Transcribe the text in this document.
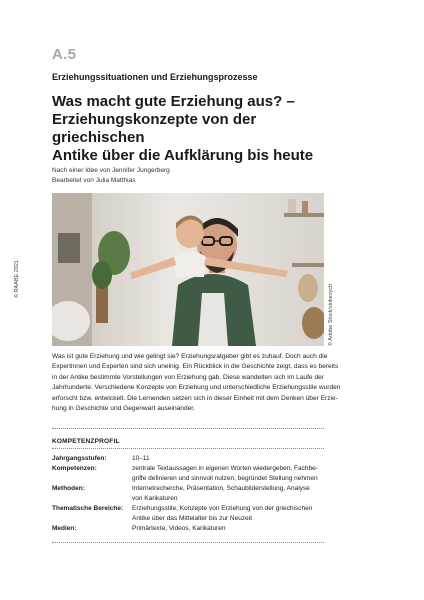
A.5
Erziehungssituationen und Erziehungsprozesse
Was macht gute Erziehung aus? –
Erziehungskonzepte von der griechischen
Antike über die Aufklärung bis heute
Nach einer Idee von Jennifer Jungerberg
Bearbeitet von Julia Matthias
© RAABE 2021
© Adobe Stock/zinkevych
Was ist gute Erziehung und wie gelingt sie? Erziehungsratgeber gibt es zuhauf. Doch auch die
Expertinnen und Experten sind sich uneinig. Ein Rückblick in die Geschichte zeigt, dass es bereits
in der Antike bestimmte Vorstellungen von Erziehung gab. Diese wandelten sich im Laufe der
Jahrhunderte. Verschiedene Konzepte von Erziehung und unterschiedliche Erziehungsstile wurden
erforscht bzw. entwickelt. Die Lernenden setzen sich in dieser Einheit mit dem Denken über Erzie-
hung in Geschichte und Gegenwart auseinander.
KOMPETENZPROFIL
Jahrgangsstufen:	10–11
Kompetenzen:	zentrale Textaussagen in eigenen Worten wiedergeben, Fachbe-
griffe definieren und sinnvoll nutzen, begründet Stellung nehmen
Methoden:	Internetrecherche, Präsentation, Schaubilderstellung, Analyse
von Karikaturen
Thematische Bereiche: Erziehungsstile, Konzepte von Erziehung von der griechischen
Antike über das Mittelalter bis zur Neuzeit
Medien:	Primärtexte, Videos, Karikaturen
